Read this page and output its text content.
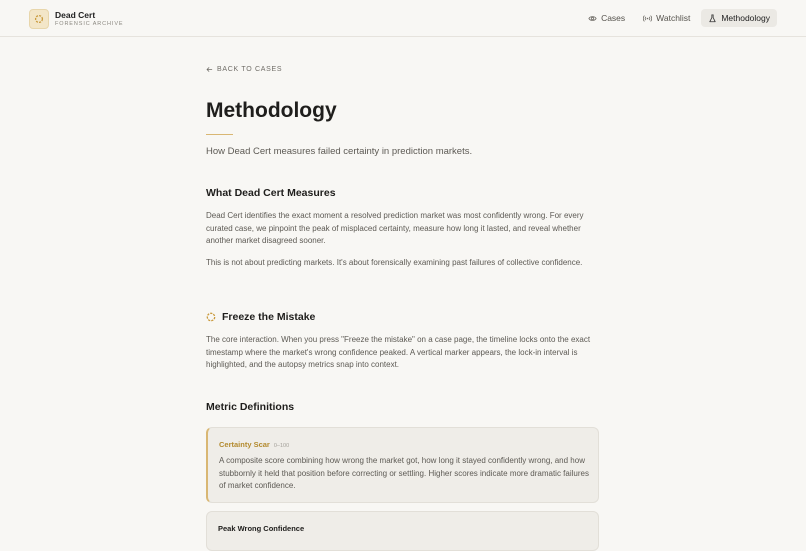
Dead Cert
FORENSIC ARCHIVE
Cases	Watchlist	Methodology
BACK TO CASES
Methodology
How Dead Cert measures failed certainty in prediction markets.
What Dead Cert Measures

Dead Cert identifies the exact moment a resolved prediction market was most confidently wrong. For every curated case, we pinpoint the peak of misplaced certainty, measure how long it lasted, and reveal whether another market disagreed sooner.

This is not about predicting markets. It's about forensically examining past failures of collective confidence.

Freeze the Mistake

The core interaction. When you press "Freeze the mistake" on a case page, the timeline locks onto the exact timestamp where the market's wrong confidence peaked. A vertical marker appears, the lock-in interval is highlighted, and the autopsy metrics snap into context.

Metric Definitions
Certainty Scar 0–100

A composite score combining how wrong the market got, how long it stayed confidently wrong, and how stubbornly it held that position before correcting or settling. Higher scores indicate more dramatic failures of market confidence.

Peak Wrong Confidence
